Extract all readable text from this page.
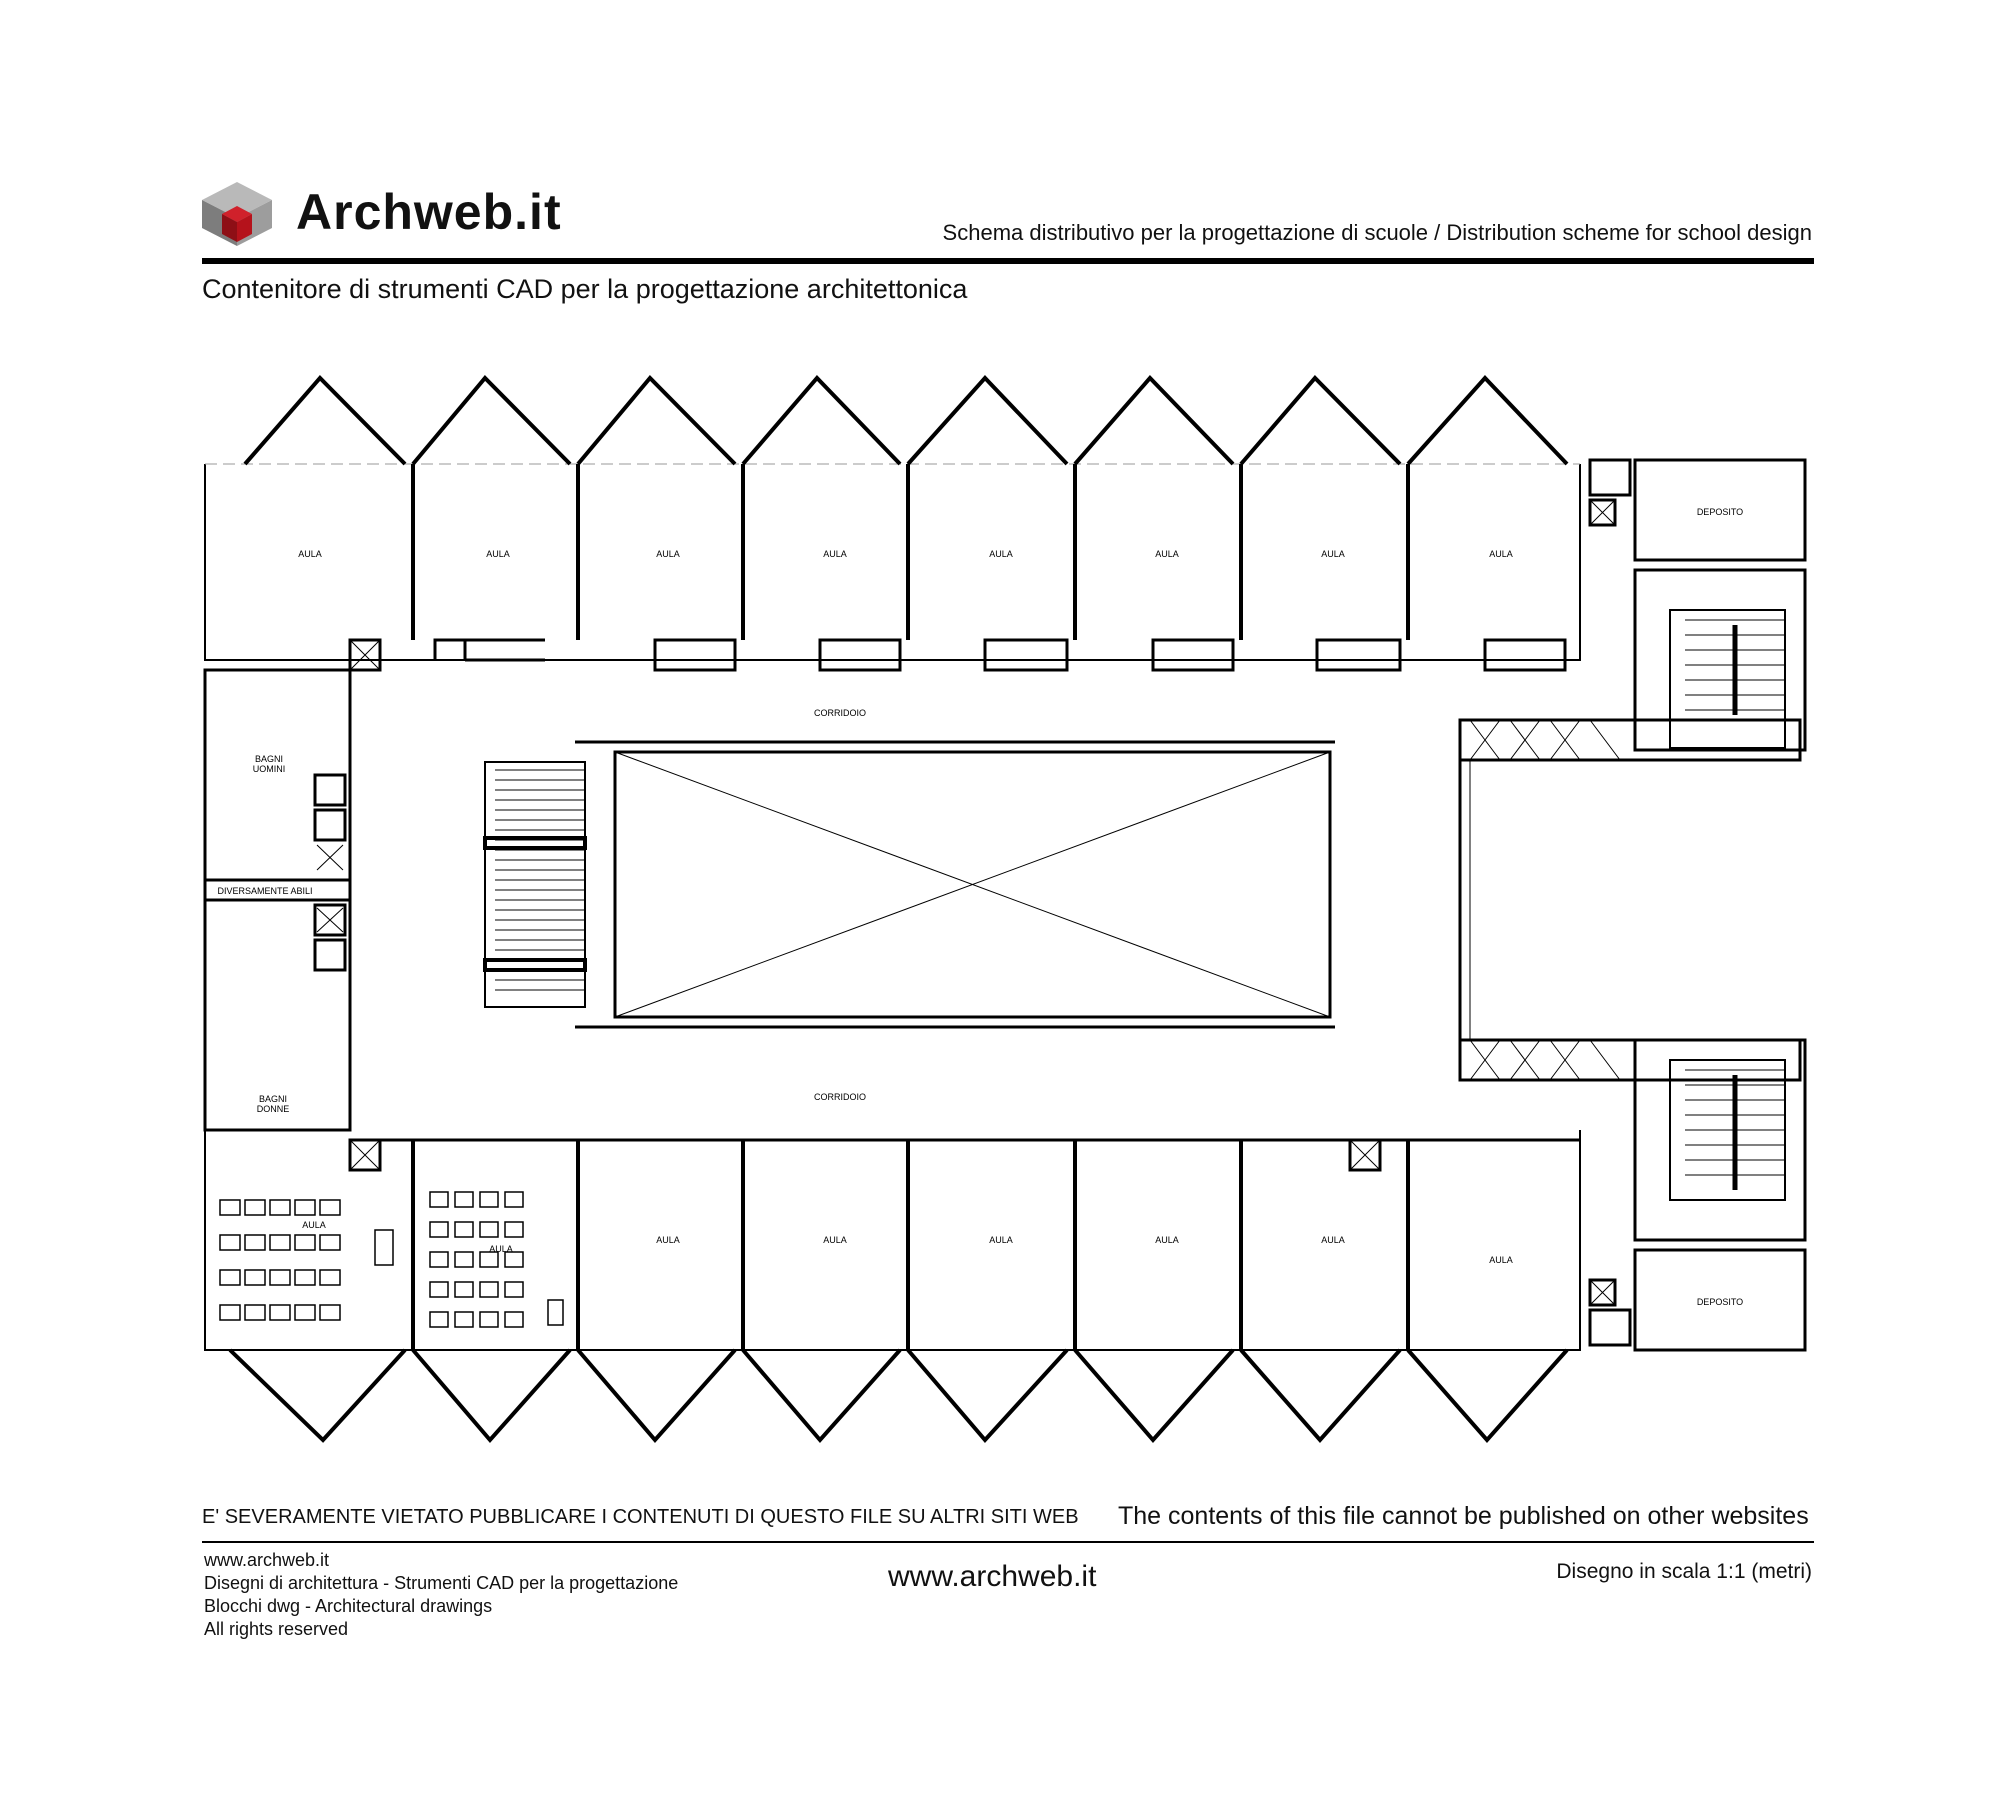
Archweb.it	Schema distributivo per la progettazione di scuole / Distribution scheme for school design
Contenitore di strumenti CAD per la progettazione architettonica
AULA	AULA	AULA	AULA	AULA	AULA	AULA	AULA
DEPOSITO
CORRIDOIO
BAGNI
UOMINI
DIVERSAMENTE ABILI
CORRIDOIO
BAGNI
DONNE
AULA
AULA
AULA	AULA	AULA	AULA	AULA
AULA
DEPOSITO
E' SEVERAMENTE VIETATO PUBBLICARE I CONTENUTI DI QUESTO FILE SU ALTRI SITI WEB The contents of this file cannot be published on other websites
www.archweb.it
Disegni di architettura - Strumenti CAD per la progettazione
Blocchi dwg - Architectural drawings
All rights reserved
www.archweb.it	Disegno in scala 1:1 (metri)
